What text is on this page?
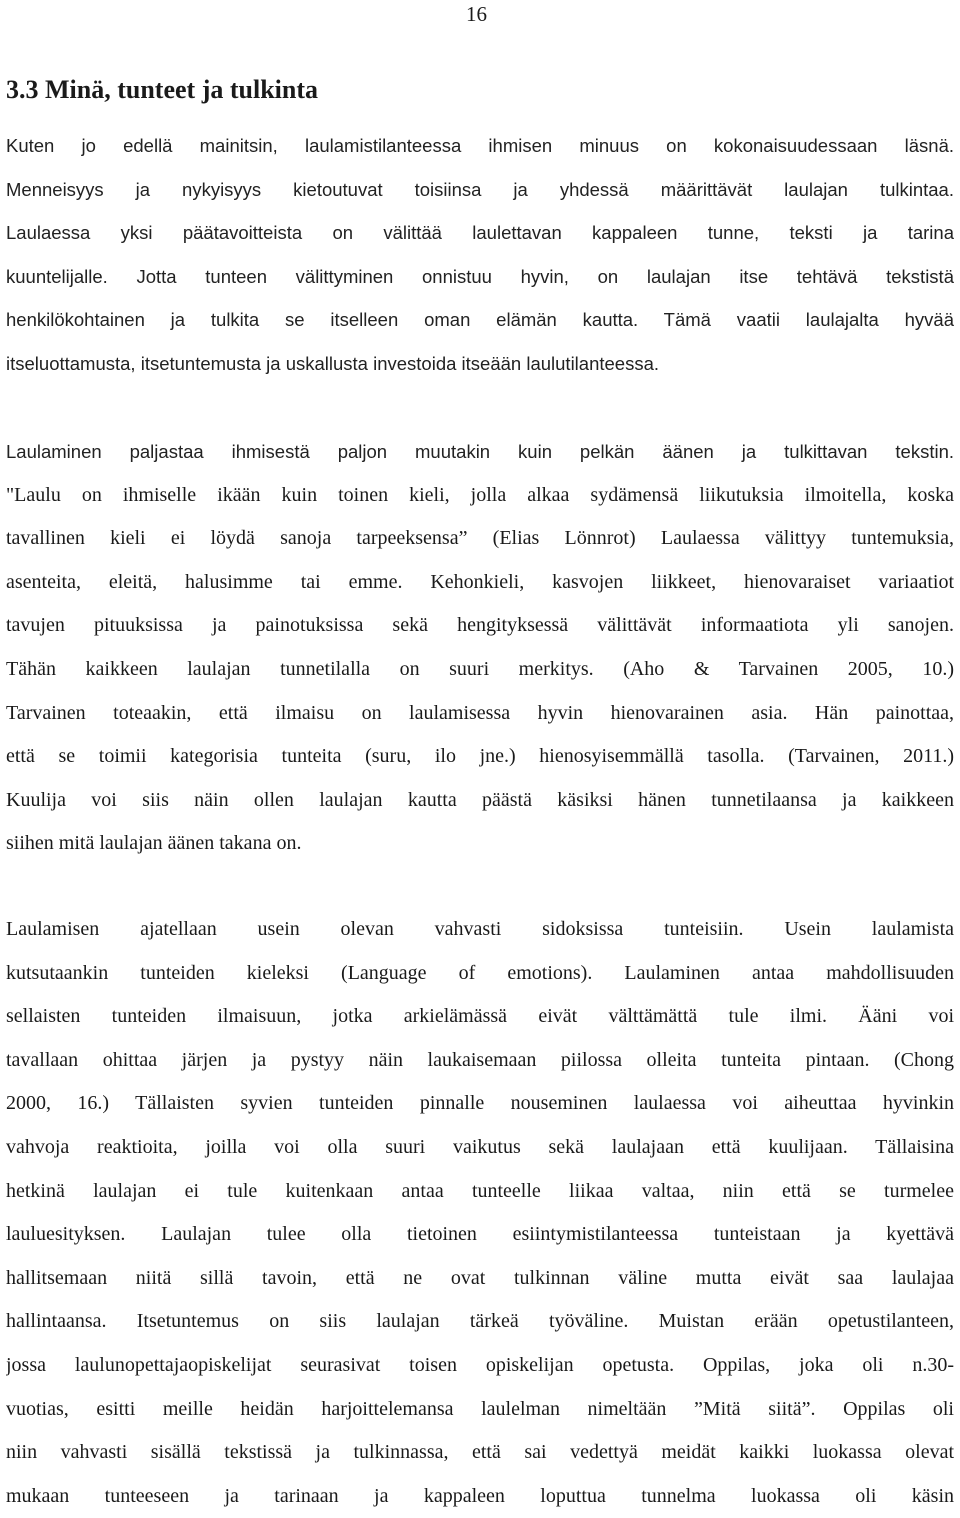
16
3.3 Minä, tunteet ja tulkinta
Kuten jo edellä mainitsin, laulamistilanteessa ihmisen minuus on kokonaisuudessaan läsnä.
Menneisyys ja nykyisyys kietoutuvat toisiinsa ja yhdessä määrittävät laulajan tulkintaa.
Laulaessa yksi päätavoitteista on välittää laulettavan kappaleen tunne, teksti ja tarina
kuuntelijalle. Jotta tunteen välittyminen onnistuu hyvin, on laulajan itse tehtävä tekstistä
henkilökohtainen ja tulkita se itselleen oman elämän kautta. Tämä vaatii laulajalta hyvää
itseluottamusta, itsetuntemusta ja uskallusta investoida itseään laulutilanteessa.
Laulaminen paljastaa ihmisestä paljon muutakin kuin pelkän äänen ja tulkittavan tekstin.
"Laulu on ihmiselle ikään kuin toinen kieli, jolla alkaa sydämensä liikutuksia ilmoitella, koska
tavallinen kieli ei löydä sanoja tarpeeksensa” (Elias Lönnrot) Laulaessa välittyy tuntemuksia,
asenteita, eleitä, halusimme tai emme. Kehonkieli, kasvojen liikkeet, hienovaraiset variaatiot
tavujen pituuksissa ja painotuksissa sekä hengityksessä välittävät informaatiota yli sanojen.
Tähän kaikkeen laulajan tunnetilalla on suuri merkitys. (Aho & Tarvainen 2005, 10.)
Tarvainen toteaakin, että ilmaisu on laulamisessa hyvin hienovarainen asia. Hän painottaa,
että se toimii kategorisia tunteita (suru, ilo jne.) hienosyisemmällä tasolla. (Tarvainen, 2011.)
Kuulija voi siis näin ollen laulajan kautta päästä käsiksi hänen tunnetilaansa ja kaikkeen
siihen mitä laulajan äänen takana on.
Laulamisen ajatellaan usein olevan vahvasti sidoksissa tunteisiin. Usein laulamista
kutsutaankin tunteiden kieleksi (Language of emotions). Laulaminen antaa mahdollisuuden
sellaisten tunteiden ilmaisuun, jotka arkielämässä eivät välttämättä tule ilmi. Ääni voi
tavallaan ohittaa järjen ja pystyy näin laukaisemaan piilossa olleita tunteita pintaan. (Chong
2000, 16.) Tällaisten syvien tunteiden pinnalle nouseminen laulaessa voi aiheuttaa hyvinkin
vahvoja reaktioita, joilla voi olla suuri vaikutus sekä laulajaan että kuulijaan. Tällaisina
hetkinä laulajan ei tule kuitenkaan antaa tunteelle liikaa valtaa, niin että se turmelee
lauluesityksen. Laulajan tulee olla tietoinen esiintymistilanteessa tunteistaan ja kyettävä
hallitsemaan niitä sillä tavoin, että ne ovat tulkinnan väline mutta eivät saa laulajaa
hallintaansa. Itsetuntemus on siis laulajan tärkeä työväline. Muistan erään opetustilanteen,
jossa laulunopettajaopiskelijat seurasivat toisen opiskelijan opetusta. Oppilas, joka oli n.30-
vuotias, esitti meille heidän harjoittelemansa laulelman nimeltään ”Mitä siitä”. Oppilas oli
niin vahvasti sisällä tekstissä ja tulkinnassa, että sai vedettyä meidät kaikki luokassa olevat
mukaan tunteeseen ja tarinaan ja kappaleen loputtua tunnelma luokassa oli käsin
